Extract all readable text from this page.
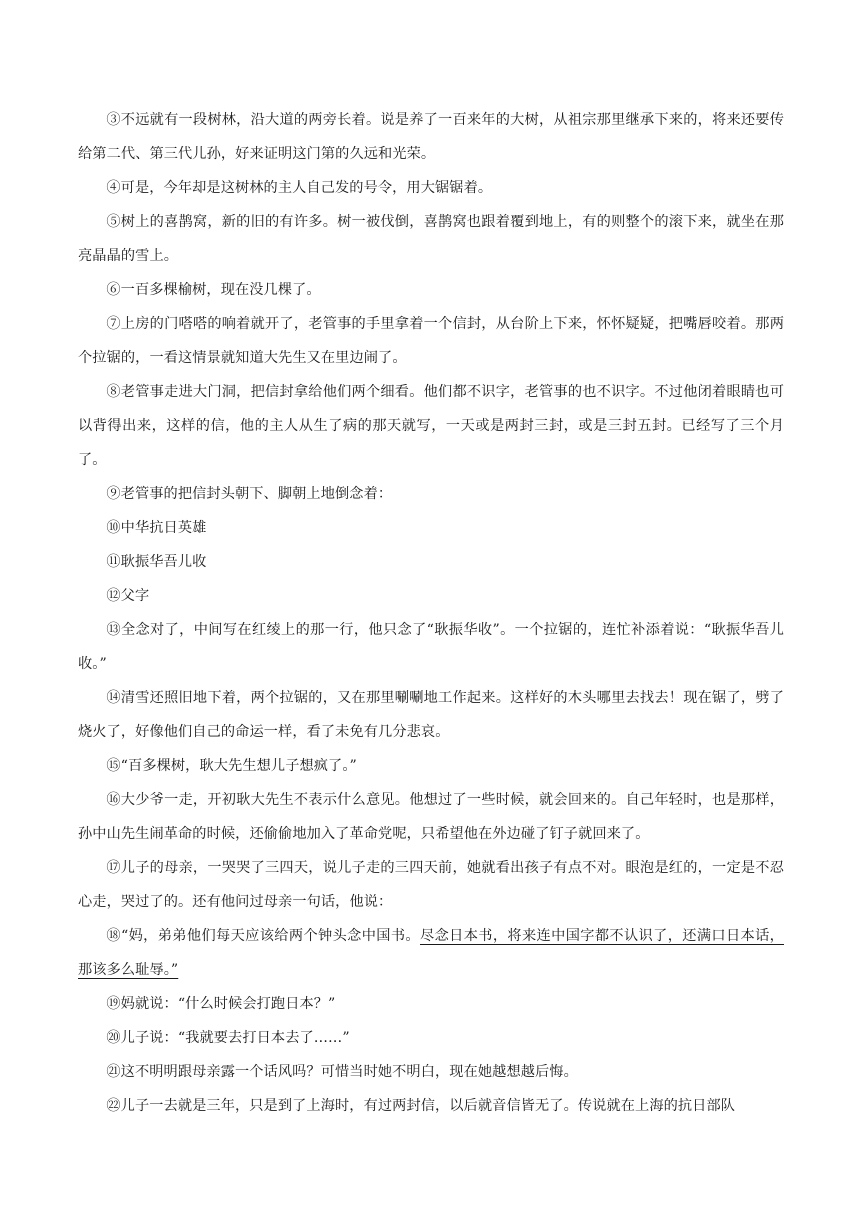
③不远就有一段树林，沿大道的两旁长着。说是养了一百来年的大树，从祖宗那里继承下来的，将来还要传给第二代、第三代儿孙，好来证明这门第的久远和光荣。

④可是，今年却是这树林的主人自己发的号令，用大锯锯着。

⑤树上的喜鹊窝，新的旧的有许多。树一被伐倒，喜鹊窝也跟着覆到地上，有的则整个的滚下来，就坐在那亮晶晶的雪上。

⑥一百多棵榆树，现在没几棵了。

⑦上房的门嗒嗒的响着就开了，老管事的手里拿着一个信封，从台阶上下来，怀怀疑疑，把嘴唇咬着。那两个拉锯的，一看这情景就知道大先生又在里边闹了。

⑧老管事走进大门洞，把信封拿给他们两个细看。他们都不识字，老管事的也不识字。不过他闭着眼睛也可以背得出来，这样的信，他的主人从生了病的那天就写，一天或是两封三封，或是三封五封。已经写了三个月了。

⑨老管事的把信封头朝下、脚朝上地倒念着：

⑩中华抗日英雄

⑪耿振华吾儿收

⑫父字

⑬全念对了，中间写在红绫上的那一行，他只念了“耿振华收”。一个拉锯的，连忙补添着说：“耿振华吾儿收。”

⑭清雪还照旧地下着，两个拉锯的，又在那里唰唰地工作起来。这样好的木头哪里去找去！现在锯了，劈了烧火了，好像他们自己的命运一样，看了未免有几分悲哀。

⑮“百多棵树，耿大先生想儿子想疯了。”

⑯大少爷一走，开初耿大先生不表示什么意见。他想过了一些时候，就会回来的。自己年轻时，也是那样，孙中山先生闹革命的时候，还偷偷地加入了革命党呢，只希望他在外边碰了钉子就回来了。

⑰儿子的母亲，一哭哭了三四天，说儿子走的三四天前，她就看出孩子有点不对。眼泡是红的，一定是不忍心走，哭过了的。还有他问过母亲一句话，他说：

⑱“妈，弟弟他们每天应该给两个钟头念中国书。尽念日本书，将来连中国字都不认识了，还满口日本话，那该多么耻辱。”

⑲妈就说：“什么时候会打跑日本？”

⑳儿子说：“我就要去打日本去了……”

㉑这不明明跟母亲露一个话风吗？可惜当时她不明白，现在她越想越后悔。

㉒儿子一去就是三年，只是到了上海时，有过两封信，以后就音信皆无了。传说就在上海的抗日部队
